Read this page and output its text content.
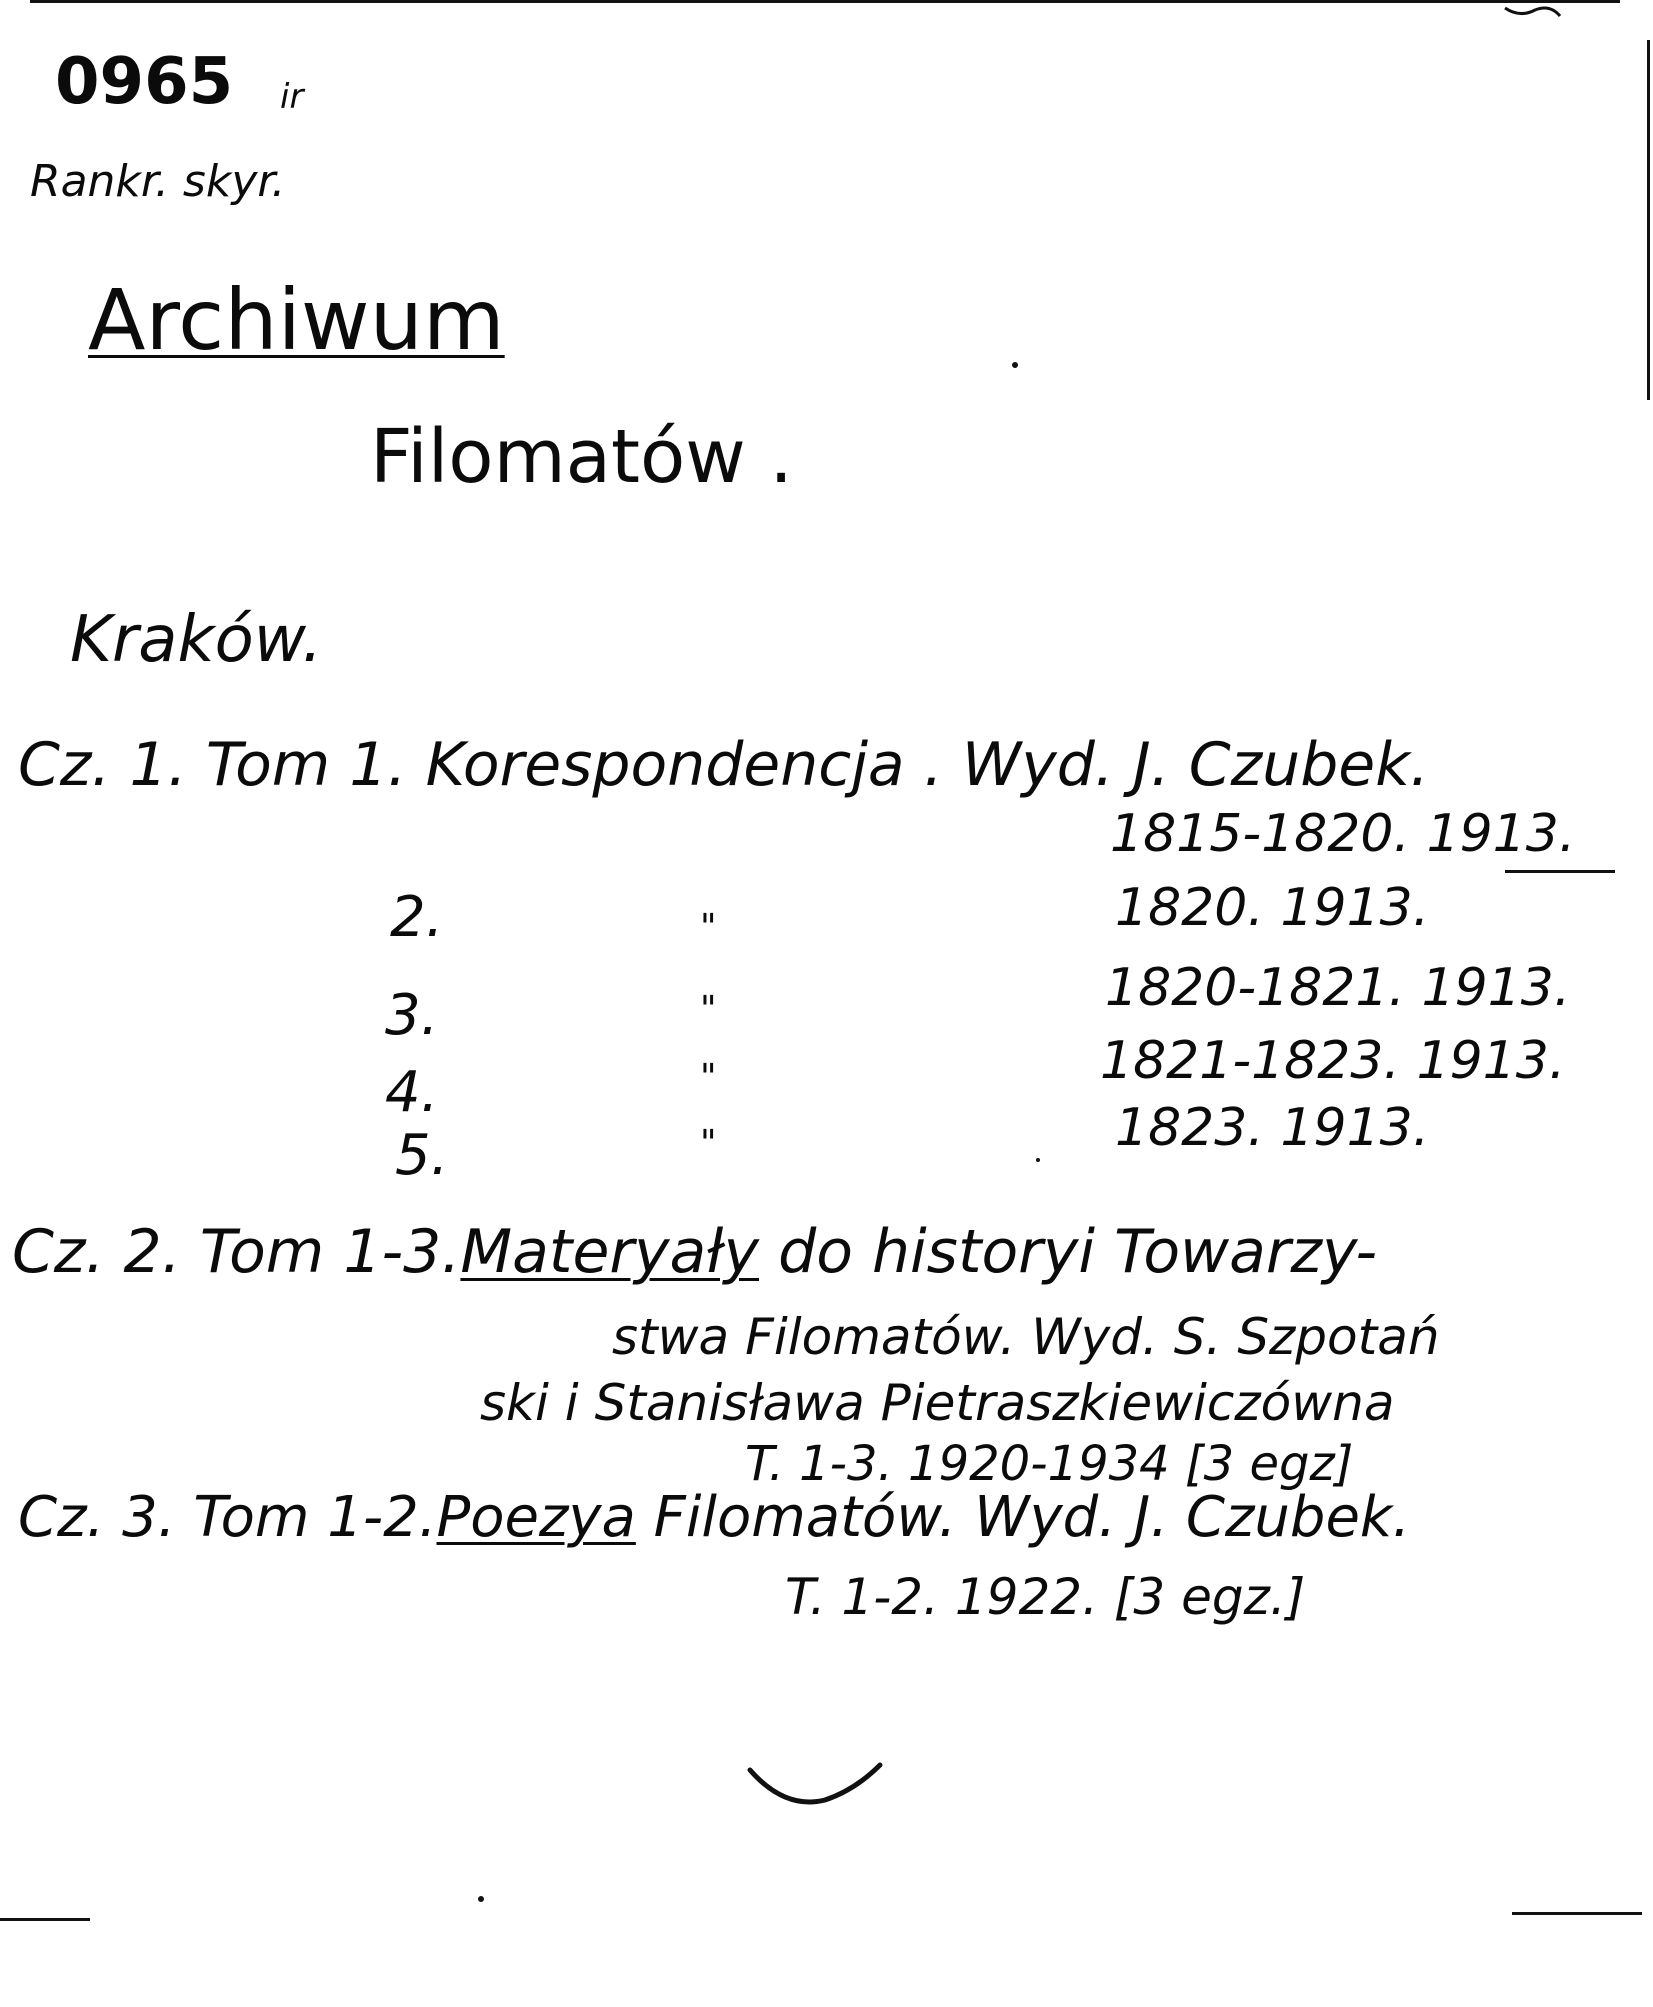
0965 ir
Rankr. skyr.
Archiwum
Filomatów .
Kraków.
Cz. 1. Tom 1. Korespondencja . Wyd. J. Czubek.
1815-1820. 1913.
2.	"	1820. 1913.
3.	"	1820-1821. 1913.
4.	"	1821-1823. 1913.
5.	"	1823. 1913.
Cz. 2. Tom 1-3.Materyały do historyi Towarzy-
stwa Filomatów. Wyd. S. Szpotań
ski i Stanisława Pietraszkiewiczówna
T. 1-3. 1920-1934 [3 egz]
Cz. 3. Tom 1-2.Poezya Filomatów. Wyd. J. Czubek.
T. 1-2. 1922. [3 egz.]
